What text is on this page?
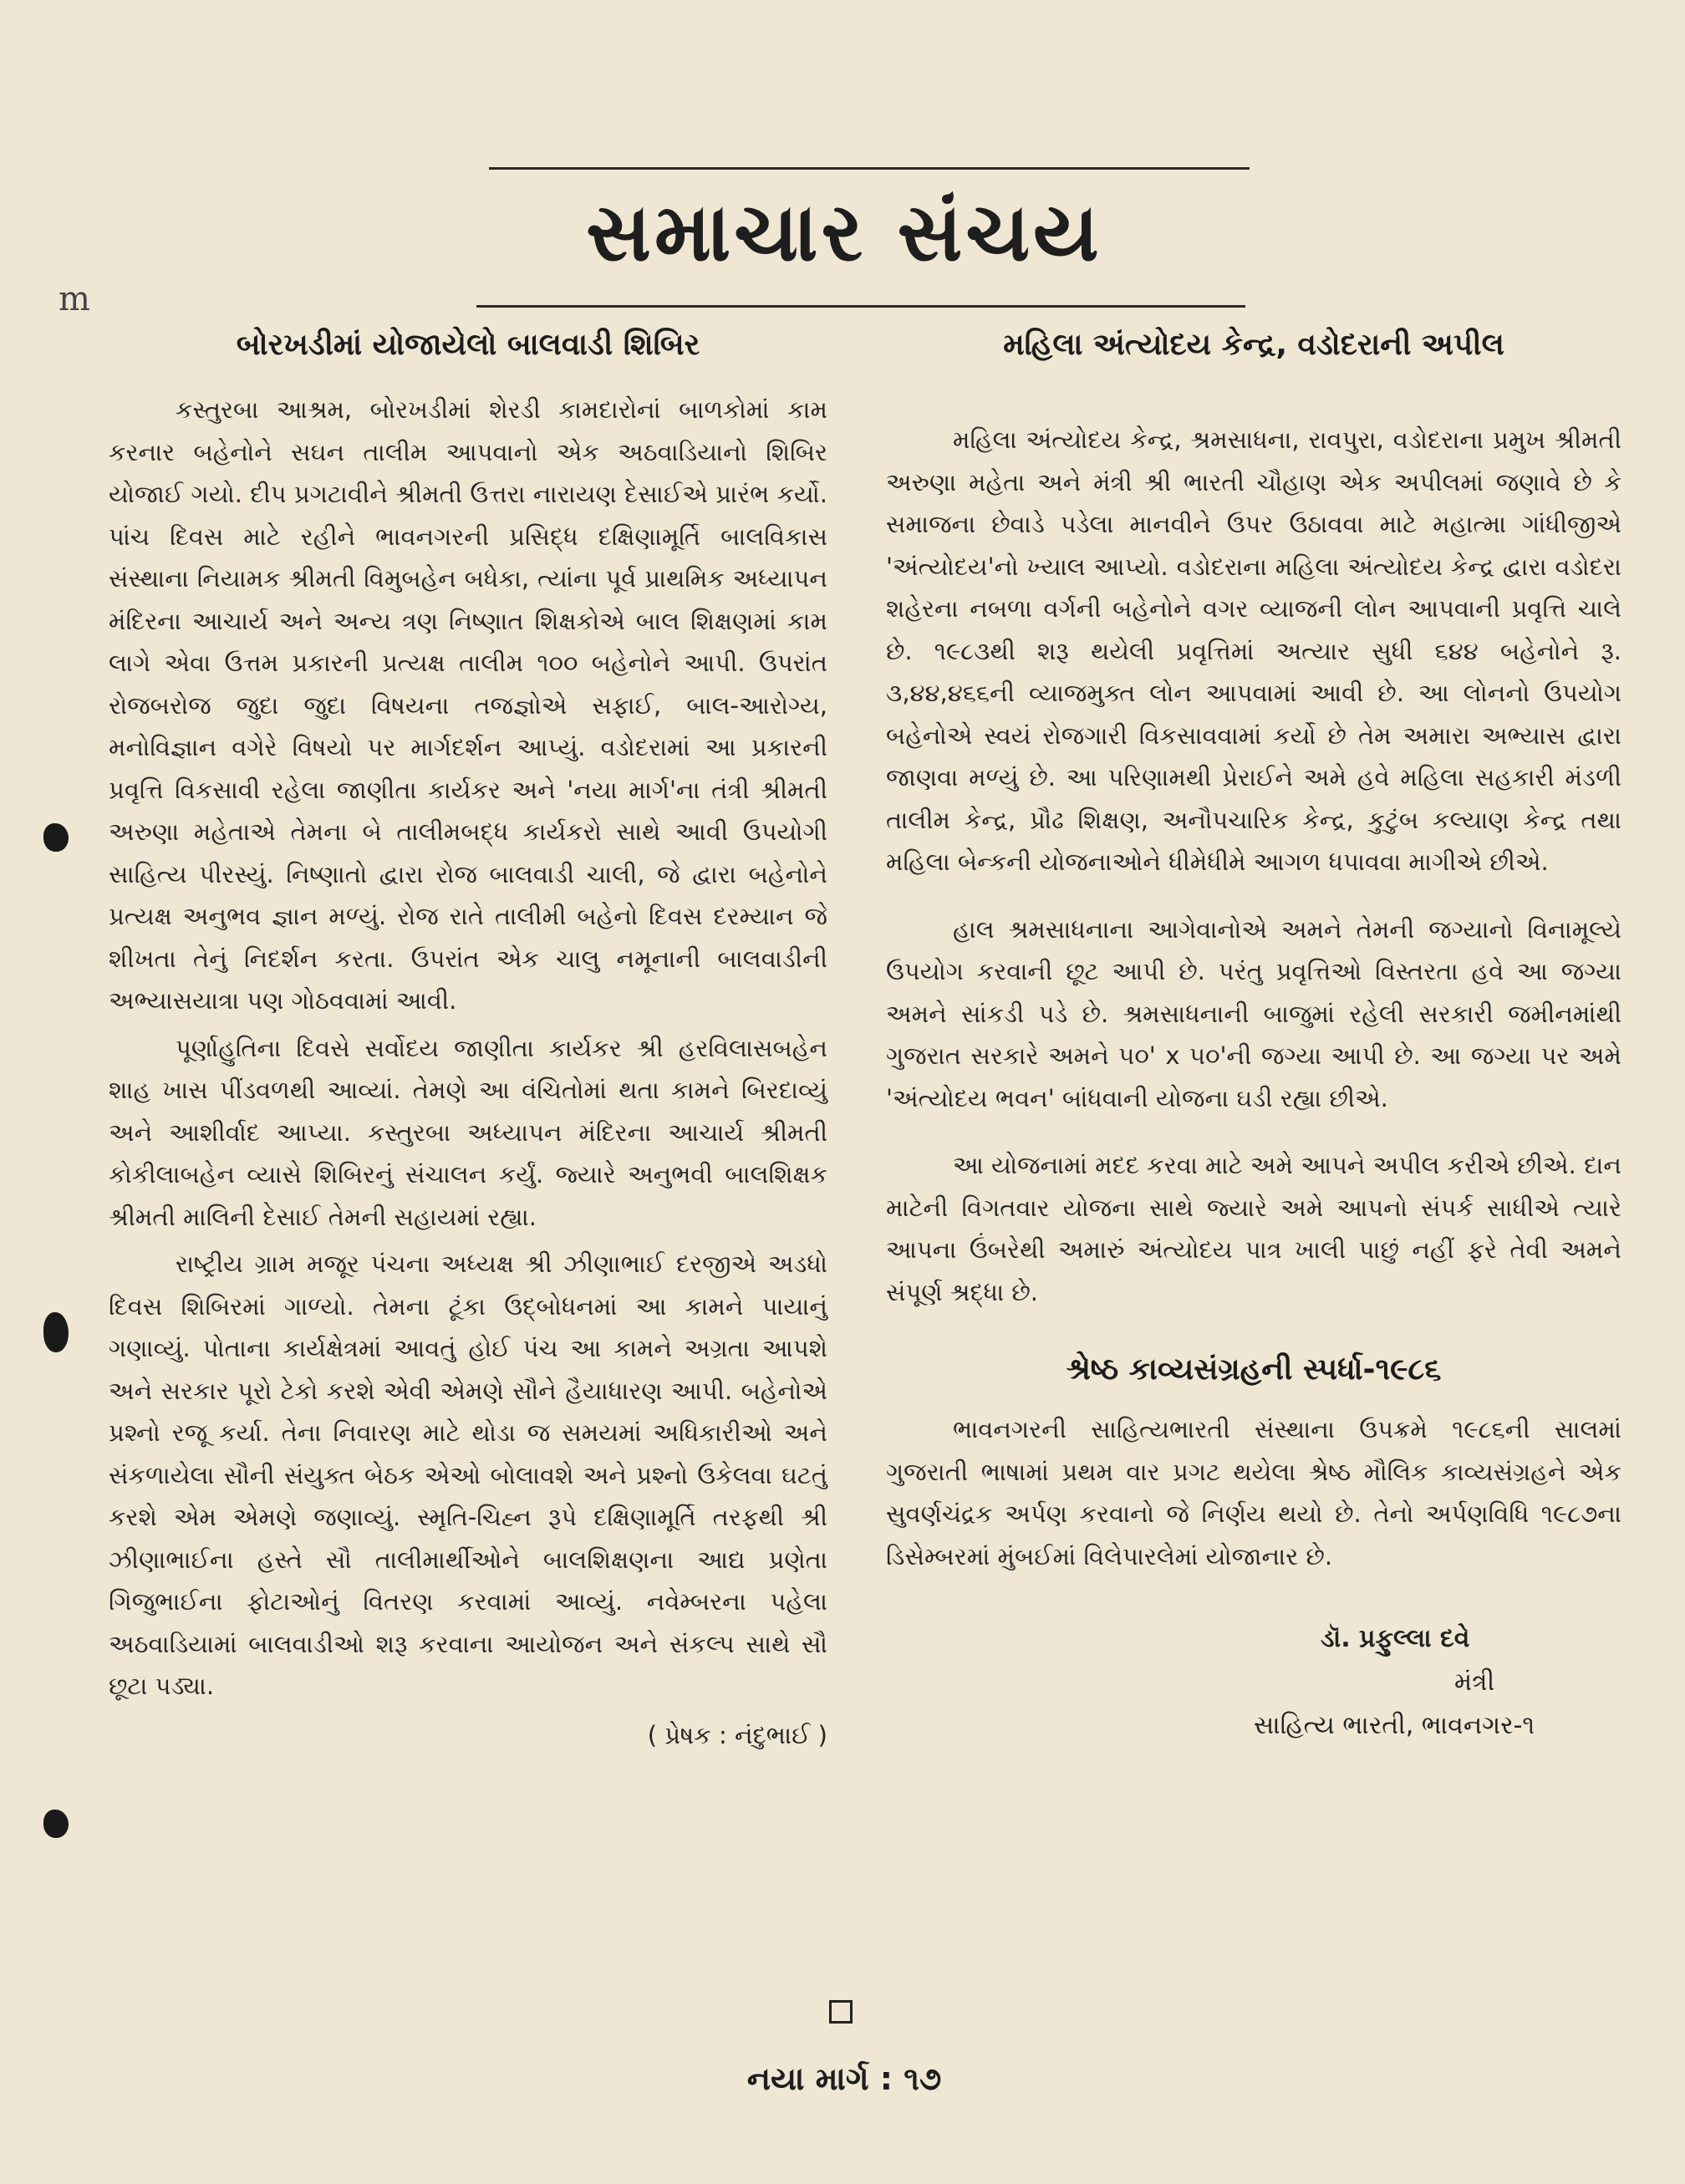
સમાચાર સંચય
m
બોરખડીમાં યોજાયેલો બાલવાડી શિબિર

કસ્તુરબા આશ્રમ, બોરખડીમાં શેરડી કામદારોનાં બાળકોમાં કામ કરનાર બહેનોને સઘન તાલીમ આપવાનો એક અઠવાડિયાનો શિબિર યોજાઈ ગયો. દીપ પ્રગટાવીને શ્રીમતી ઉત્તરા નારાયણ દેસાઈએ પ્રારંભ કર્યો. પાંચ દિવસ માટે રહીને ભાવનગરની પ્રસિદ્ધ દક્ષિણામૂર્તિ બાલવિકાસ સંસ્થાના નિયામક શ્રીમતી વિમુબહેન બધેકા, ત્યાંના પૂર્વ પ્રાથમિક અધ્યાપન મંદિરના આચાર્ય અને અન્ય ત્રણ નિષ્ણાત શિક્ષકોએ બાલ શિક્ષણમાં કામ લાગે એવા ઉત્તમ પ્રકારની પ્રત્યક્ષ તાલીમ ૧૦૦ બહેનોને આપી. ઉપરાંત રોજબરોજ જુદા જુદા વિષયના તજજ્ઞોએ સફાઈ, બાલ-આરોગ્ય, મનોવિજ્ઞાન વગેરે વિષયો પર માર્ગદર્શન આપ્યું. વડોદરામાં આ પ્રકારની પ્રવૃત્તિ વિકસાવી રહેલા જાણીતા કાર્યકર અને 'નયા માર્ગ'ના તંત્રી શ્રીમતી અરુણા મહેતાએ તેમના બે તાલીમબદ્ધ કાર્યકરો સાથે આવી ઉપયોગી સાહિત્ય પીરસ્યું. નિષ્ણાતો દ્વારા રોજ બાલવાડી ચાલી, જે દ્વારા બહેનોને પ્રત્યક્ષ અનુભવ જ્ઞાન મળ્યું. રોજ રાતે તાલીમી બહેનો દિવસ દરમ્યાન જે શીખતા તેનું નિદર્શન કરતા. ઉપરાંત એક ચાલુ નમૂનાની બાલવાડીની અભ્યાસયાત્રા પણ ગોઠવવામાં આવી.

પૂર્ણાહુતિના દિવસે સર્વોદય જાણીતા કાર્યકર શ્રી હરવિલાસબહેન શાહ ખાસ પીંડવળથી આવ્યાં. તેમણે આ વંચિતોમાં થતા કામને બિરદાવ્યું અને આશીર્વાદ આપ્યા. કસ્તુરબા અધ્યાપન મંદિરના આચાર્ય શ્રીમતી કોકીલાબહેન વ્યાસે શિબિરનું સંચાલન કર્યું. જ્યારે અનુભવી બાલશિક્ષક શ્રીમતી માલિની દેસાઈ તેમની સહાયમાં રહ્યા.

રાષ્ટ્રીય ગ્રામ મજૂર પંચના અધ્યક્ષ શ્રી ઝીણાભાઈ દરજીએ અડધો દિવસ શિબિરમાં ગાળ્યો. તેમના ટૂંકા ઉદ્બોધનમાં આ કામને પાયાનું ગણાવ્યું. પોતાના કાર્યક્ષેત્રમાં આવતું હોઈ પંચ આ કામને અગ્રતા આપશે અને સરકાર પૂરો ટેકો કરશે એવી એમણે સૌને હૈયાધારણ આપી. બહેનોએ પ્રશ્નો રજૂ કર્યા. તેના નિવારણ માટે થોડા જ સમયમાં અધિકારીઓ અને સંકળાયેલા સૌની સંયુક્ત બેઠક એઓ બોલાવશે અને પ્રશ્નો ઉકેલવા ઘટતું કરશે એમ એમણે જણાવ્યું. સ્મૃતિ-ચિહ્ન રૂપે દક્ષિણામૂર્તિ તરફથી શ્રી ઝીણાભાઈના હસ્તે સૌ તાલીમાર્થીઓને બાલશિક્ષણના આદ્ય પ્રણેતા ગિજુભાઈના ફોટાઓનું વિતરણ કરવામાં આવ્યું. નવેમ્બરના પહેલા અઠવાડિયામાં બાલવાડીઓ શરૂ કરવાના આયોજન અને સંકલ્પ સાથે સૌ છૂટા પડ્યા.

( પ્રેષક : નંદુભાઈ )

મહિલા અંત્યોદય કેન્દ્ર, વડોદરાની અપીલ

મહિલા અંત્યોદય કેન્દ્ર, શ્રમસાધના, રાવપુરા, વડોદરાના પ્રમુખ શ્રીમતી અરુણા મહેતા અને મંત્રી શ્રી ભારતી ચૌહાણ એક અપીલમાં જણાવે છે કે સમાજના છેવાડે પડેલા માનવીને ઉપર ઉઠાવવા માટે મહાત્મા ગાંધીજીએ 'અંત્યોદય'નો ખ્યાલ આપ્યો. વડોદરાના મહિલા અંત્યોદય કેન્દ્ર દ્વારા વડોદરા શહેરના નબળા વર્ગની બહેનોને વગર વ્યાજની લોન આપવાની પ્રવૃત્તિ ચાલે છે. ૧૯૮૩થી શરૂ થયેલી પ્રવૃત્તિમાં અત્યાર સુધી ૬૪૪ બહેનોને રૂ. ૩,૪૪,૪૬૬ની વ્યાજમુક્ત લોન આપવામાં આવી છે. આ લોનનો ઉપયોગ બહેનોએ સ્વયં રોજગારી વિકસાવવામાં કર્યો છે તેમ અમારા અભ્યાસ દ્વારા જાણવા મળ્યું છે. આ પરિણામથી પ્રેરાઈને અમે હવે મહિલા સહકારી મંડળી તાલીમ કેન્દ્ર, પ્રૌઢ શિક્ષણ, અનૌપચારિક કેન્દ્ર, કુટુંબ કલ્યાણ કેન્દ્ર તથા મહિલા બેન્કની યોજનાઓને ધીમેધીમે આગળ ધપાવવા માગીએ છીએ.

હાલ શ્રમસાધનાના આગેવાનોએ અમને તેમની જગ્યાનો વિનામૂલ્યે ઉપયોગ કરવાની છૂટ આપી છે. પરંતુ પ્રવૃત્તિઓ વિસ્તરતા હવે આ જગ્યા અમને સાંકડી પડે છે. શ્રમસાધનાની બાજુમાં રહેલી સરકારી જમીનમાંથી ગુજરાત સરકારે અમને ૫૦' x ૫૦'ની જગ્યા આપી છે. આ જગ્યા પર અમે 'અંત્યોદય ભવન' બાંધવાની યોજના ઘડી રહ્યા છીએ.

આ યોજનામાં મદદ કરવા માટે અમે આપને અપીલ કરીએ છીએ. દાન માટેની વિગતવાર યોજના સાથે જ્યારે અમે આપનો સંપર્ક સાધીએ ત્યારે આપના ઉંબરેથી અમારું અંત્યોદય પાત્ર ખાલી પાછું નહીં ફરે તેવી અમને સંપૂર્ણ શ્રદ્ધા છે.

શ્રેષ્ઠ કાવ્યસંગ્રહની સ્પર્ધા-૧૯૮૬

ભાવનગરની સાહિત્યભારતી સંસ્થાના ઉપક્રમે ૧૯૮૬ની સાલમાં ગુજરાતી ભાષામાં પ્રથમ વાર પ્રગટ થયેલા શ્રેષ્ઠ મૌલિક કાવ્યસંગ્રહને એક સુવર્ણચંદ્રક અર્પણ કરવાનો જે નિર્ણય થયો છે. તેનો અર્પણવિધિ ૧૯૮૭ના ડિસેમ્બરમાં મુંબઈમાં વિલેપારલેમાં યોજાનાર છે.

ડૉ. પ્રફુલ્લા દવે

મંત્રી

સાહિત્ય ભારતી, ભાવનગર-૧

નયા માર્ગ : ૧૭
